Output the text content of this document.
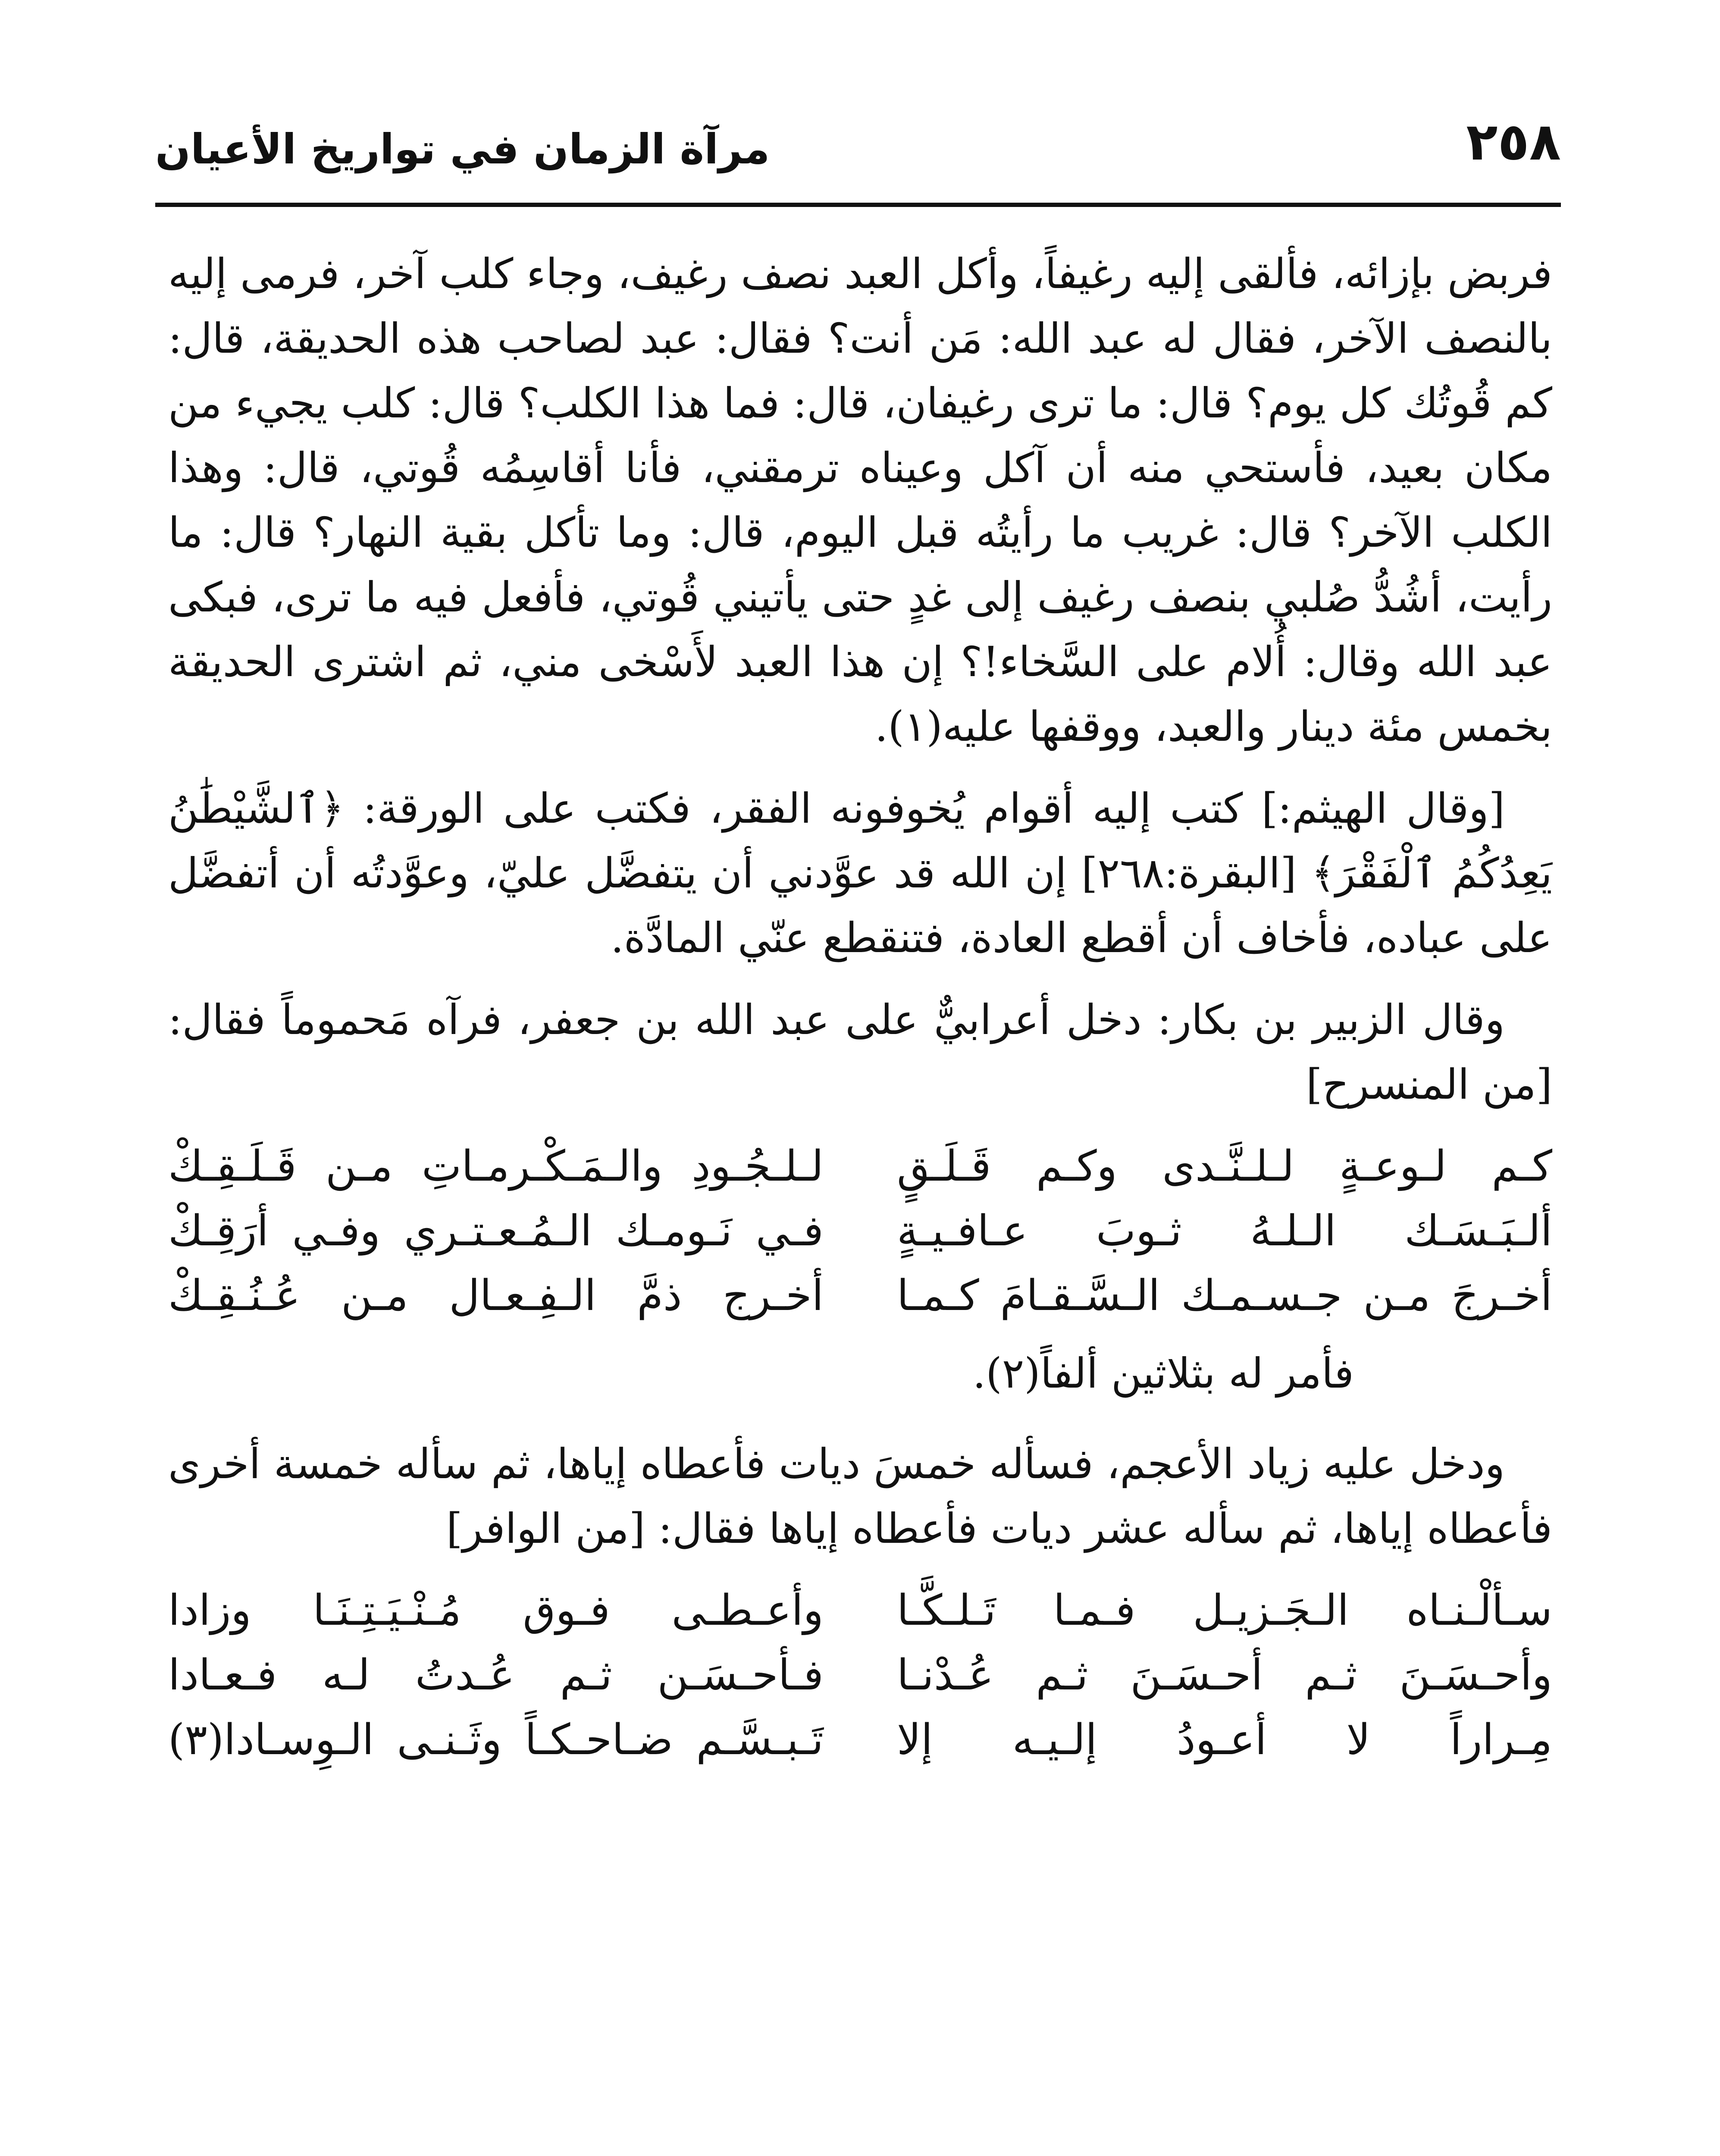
٢٥٨
مرآة الزمان في تواريخ الأعيان

فربض بإزائه، فألقى إليه رغيفاً، وأكل العبد نصف رغيف، وجاء كلب آخر، فرمى إليه بالنصف الآخر، فقال له عبد الله: مَن أنت؟ فقال: عبد لصاحب هذه الحديقة، قال: كم قُوتُك كل يوم؟ قال: ما ترى رغيفان، قال: فما هذا الكلب؟ قال: كلب يجيء من مكان بعيد، فأستحي منه أن آكل وعيناه ترمقني، فأنا أقاسِمُه قُوتي، قال: وهذا الكلب الآخر؟ قال: غريب ما رأيتُه قبل اليوم، قال: وما تأكل بقية النهار؟ قال: ما رأيت، أشُدُّ صُلبي بنصف رغيف إلى غدٍ حتى يأتيني قُوتي، فأفعل فيه ما ترى، فبكى عبد الله وقال: أُلام على السَّخاء!؟ إن هذا العبد لأَسْخى مني، ثم اشترى الحديقة بخمس مئة دينار والعبد، ووقفها عليه(١).

[وقال الهيثم:] كتب إليه أقوام يُخوفونه الفقر، فكتب على الورقة: ﴿ٱلشَّيْطَٰنُ يَعِدُكُمُ ٱلْفَقْرَ﴾ [البقرة:٢٦٨] إن الله قد عوَّدني أن يتفضَّل عليّ، وعوَّدتُه أن أتفضَّل على عباده، فأخاف أن أقطع العادة، فتنقطع عنّي المادَّة.

وقال الزبير بن بكار: دخل أعرابيٌّ على عبد الله بن جعفر، فرآه مَحموماً فقال: [من المنسرح]

كـم لـوعـةٍ لـلـنَّـدى وكـم قَـلَـقٍ
لـلـجُـودِ والـمَـكْـرمـاتِ مـن قَـلَـقِـكْ
ألـبَـسَـك الـلـهُ ثـوبَ عـافـيـةٍ
فـي نَـومـك الـمُـعـتـري وفـي أرَقِـكْ
أخـرجَ مـن جـسـمـك الـسَّـقـامَ كـمـا
أخـرج ذمَّ الـفِـعـال مـن عُـنُـقِـكْ
فأمر له بثلاثين ألفاً(٢).

ودخل عليه زياد الأعجم، فسأله خمسَ ديات فأعطاه إياها، ثم سأله خمسة أخرى فأعطاه إياها، ثم سأله عشر ديات فأعطاه إياها فقال: [من الوافر]

سـألْـنـاه الـجَـزيـل فـمـا تَـلـكَّـا
وأعـطـى فـوق مُـنْـيَـتِـنَـا وزادا
وأحـسَـنَ ثـم أحـسَـنَ ثـم عُـدْنـا
فـأحـسَـن ثـم عُـدتُ لـه فـعـادا
مِـراراً لا أعـودُ إلـيـه إلا
تَـبـسَّـم ضـاحـكـاً وثَـنـى الـوِسـادا(٣)
